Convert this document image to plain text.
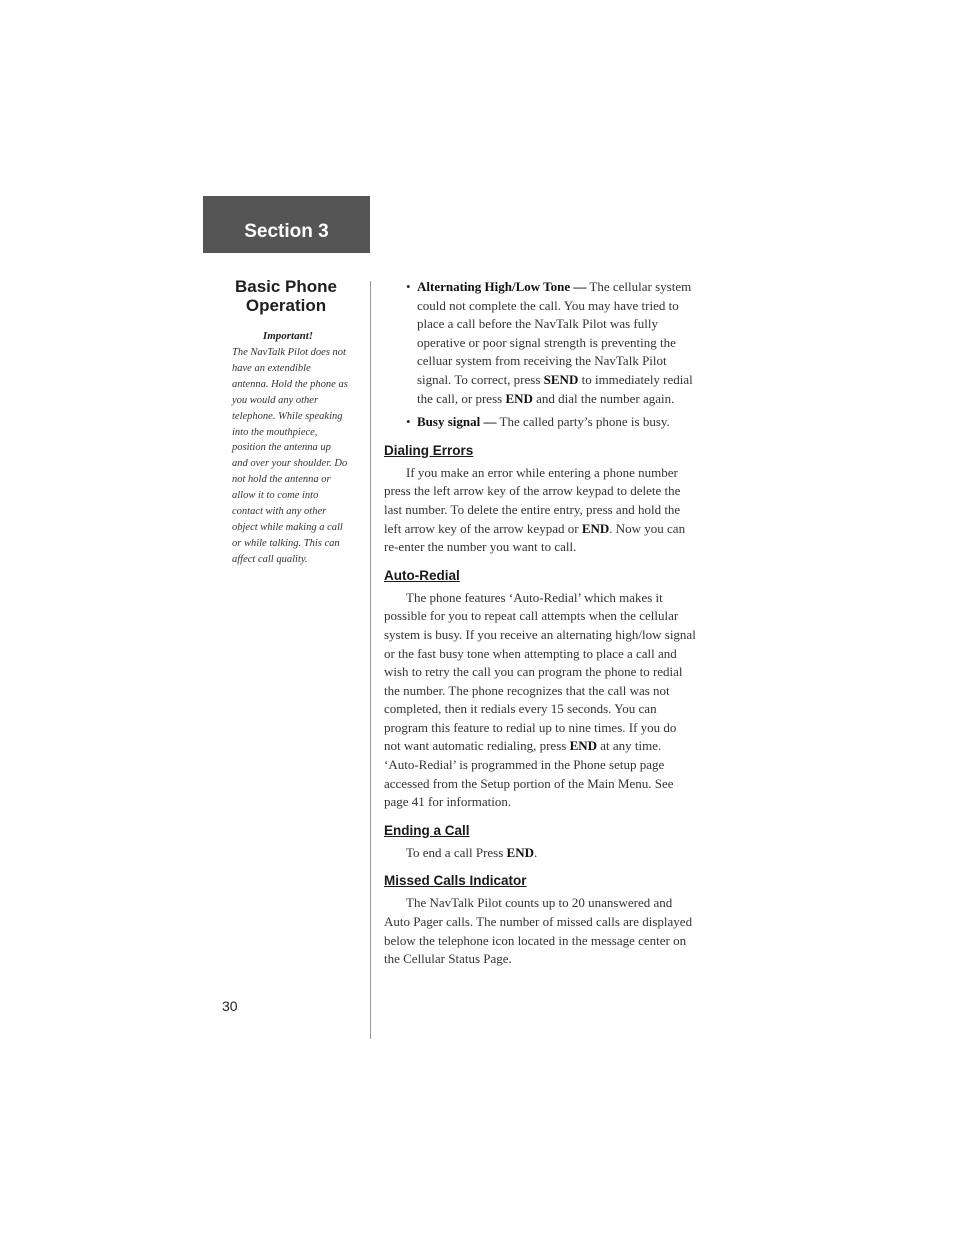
Section 3
Basic Phone Operation
Important!
The NavTalk Pilot does not have an extendible antenna. Hold the phone as you would any other telephone. While speaking into the mouthpiece, position the antenna up and over your shoulder. Do not hold the antenna or allow it to come into contact with any other object while making a call or while talking. This can affect call quality.
30

• Alternating High/Low Tone — The cellular system could not complete the call. You may have tried to place a call before the NavTalk Pilot was fully operative or poor signal strength is preventing the celluar system from receiving the NavTalk Pilot signal. To correct, press SEND to immediately redial the call, or press END and dial the number again.

• Busy signal — The called party’s phone is busy.

Dialing Errors

If you make an error while entering a phone number press the left arrow key of the arrow keypad to delete the last number. To delete the entire entry, press and hold the left arrow key of the arrow keypad or END. Now you can re-enter the number you want to call.

Auto-Redial

The phone features ‘Auto-Redial’ which makes it possible for you to repeat call attempts when the cellular system is busy. If you receive an alternating high/low signal or the fast busy tone when attempting to place a call and wish to retry the call you can program the phone to redial the number. The phone recognizes that the call was not completed, then it redials every 15 seconds. You can program this feature to redial up to nine times. If you do not want automatic redialing, press END at any time. ‘Auto-Redial’ is programmed in the Phone setup page accessed from the Setup portion of the Main Menu. See page 41 for information.

Ending a Call

To end a call Press END.

Missed Calls Indicator

The NavTalk Pilot counts up to 20 unanswered and Auto Pager calls. The number of missed calls are displayed below the telephone icon located in the message center on the Cellular Status Page.
